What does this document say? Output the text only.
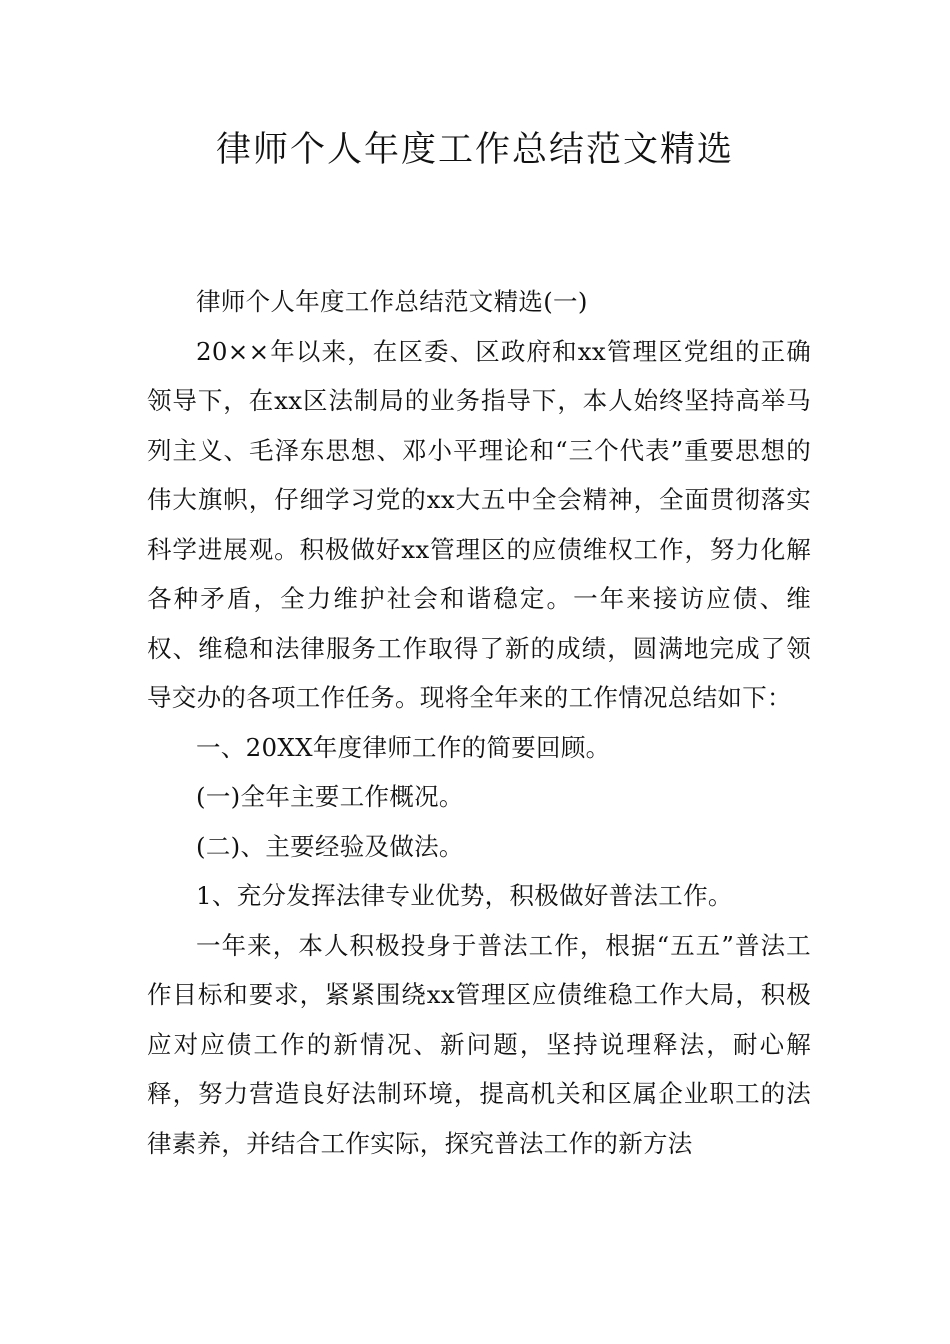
律师个人年度工作总结范文精选

律师个人年度工作总结范文精选(一)

20××年以来，在区委、区政府和xx管理区党组的正确领导下，在xx区法制局的业务指导下，本人始终坚持高举马列主义、毛泽东思想、邓小平理论和“三个代表”重要思想的伟大旗帜，仔细学习党的xx大五中全会精神，全面贯彻落实科学进展观。积极做好xx管理区的应债维权工作，努力化解各种矛盾，全力维护社会和谐稳定。一年来接访应债、维权、维稳和法律服务工作取得了新的成绩，圆满地完成了领导交办的各项工作任务。现将全年来的工作情况总结如下：

一、20XX年度律师工作的简要回顾。

(一)全年主要工作概况。

(二)、主要经验及做法。

1、充分发挥法律专业优势，积极做好普法工作。

一年来，本人积极投身于普法工作，根据“五五”普法工作目标和要求，紧紧围绕xx管理区应债维稳工作大局，积极应对应债工作的新情况、新问题，坚持说理释法，耐心解释，努力营造良好法制环境，提高机关和区属企业职工的法律素养，并结合工作实际，探究普法工作的新方法
